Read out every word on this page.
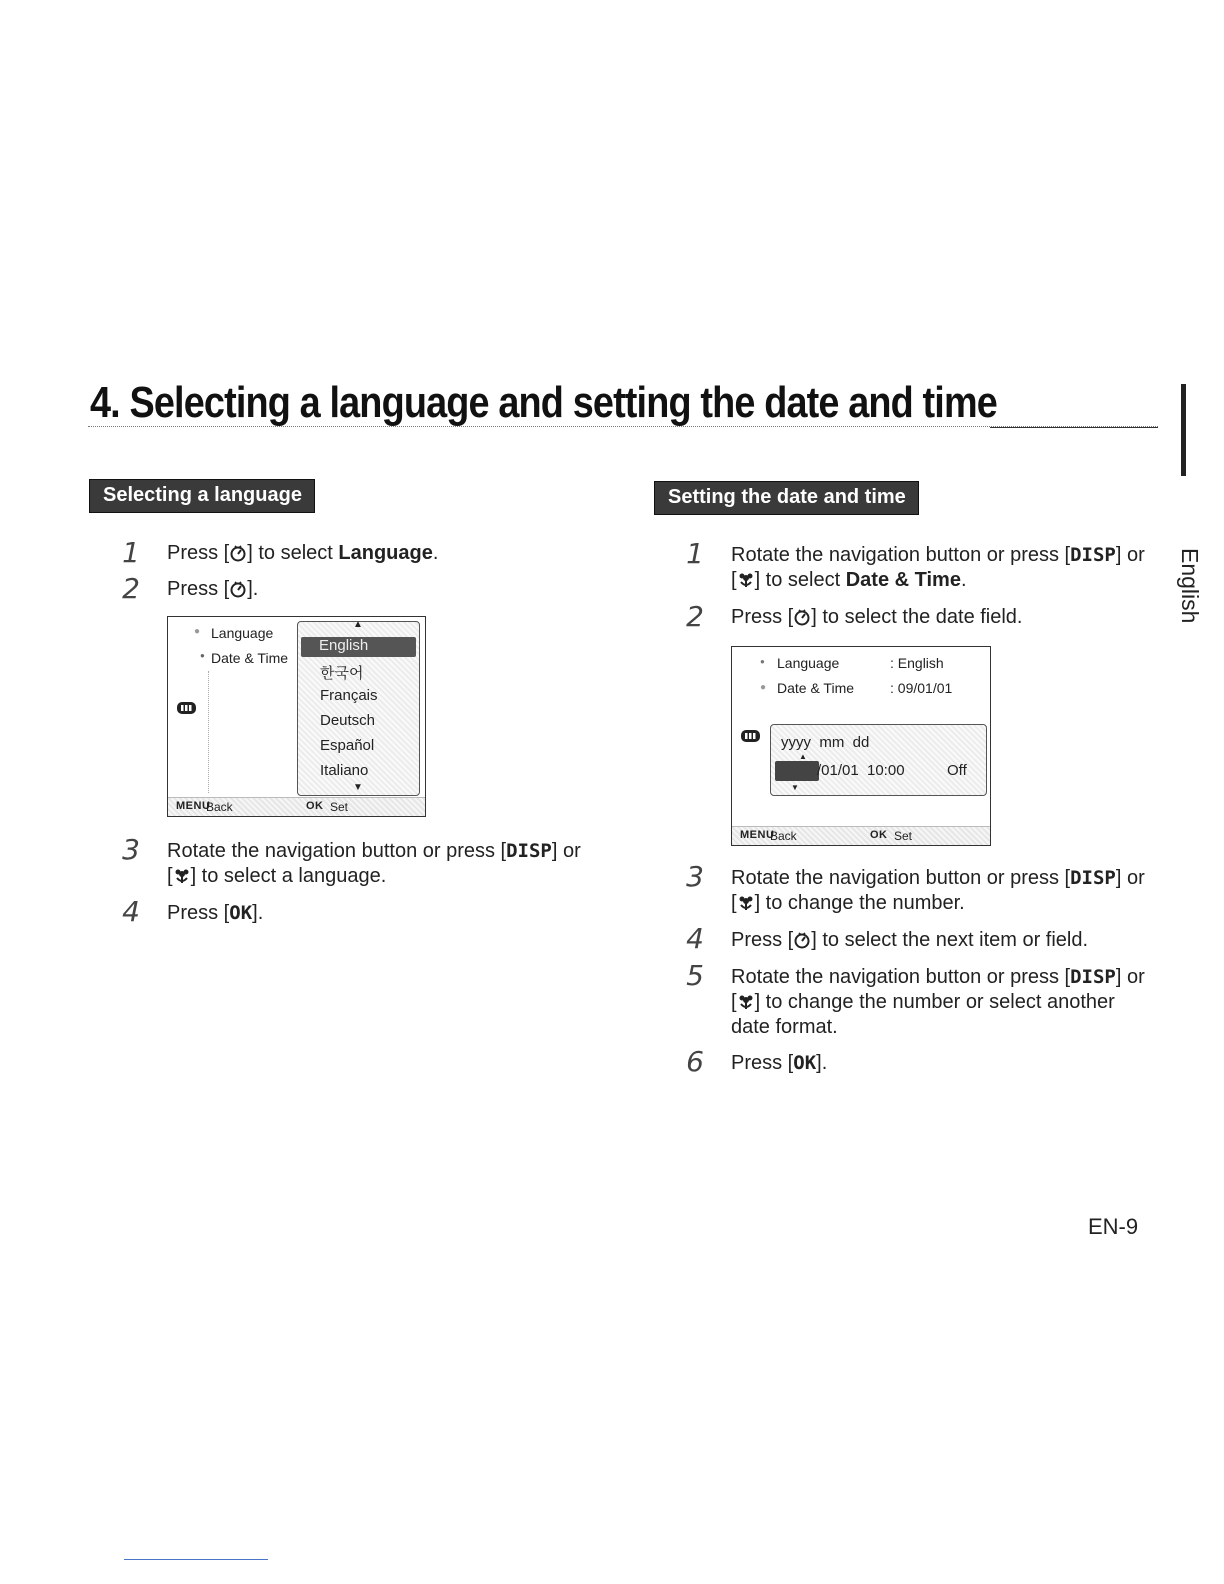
4. Selecting a language and setting the date and time
English
Selecting a language
1 Press [ ] to select Language.
2 Press [ ].
● Language
● Date & Time
▲
English
한국어
Français
Deutsch
Español
Italiano
▼
MENU
Back	OK Set
3 Rotate the navigation button or press [DISP] or
[ ] to select a language.
4 Press [OK].
Setting the date and time
1 Rotate the navigation button or press [DISP] or
[ ] to select Date & Time.
2 Press [ ] to select the date field.
● Language	: English
● Date & Time	: 09/01/01
yyyy  mm  dd
▲
/01/01 10:00	Off
▼
MENU
Back	OK Set
3 Rotate the navigation button or press [DISP] or
[ ] to change the number.
4 Press [ ] to select the next item or field.
5 Rotate the navigation button or press [DISP] or
[ ] to change the number or select another
date format.
6 Press [OK].
EN-9
